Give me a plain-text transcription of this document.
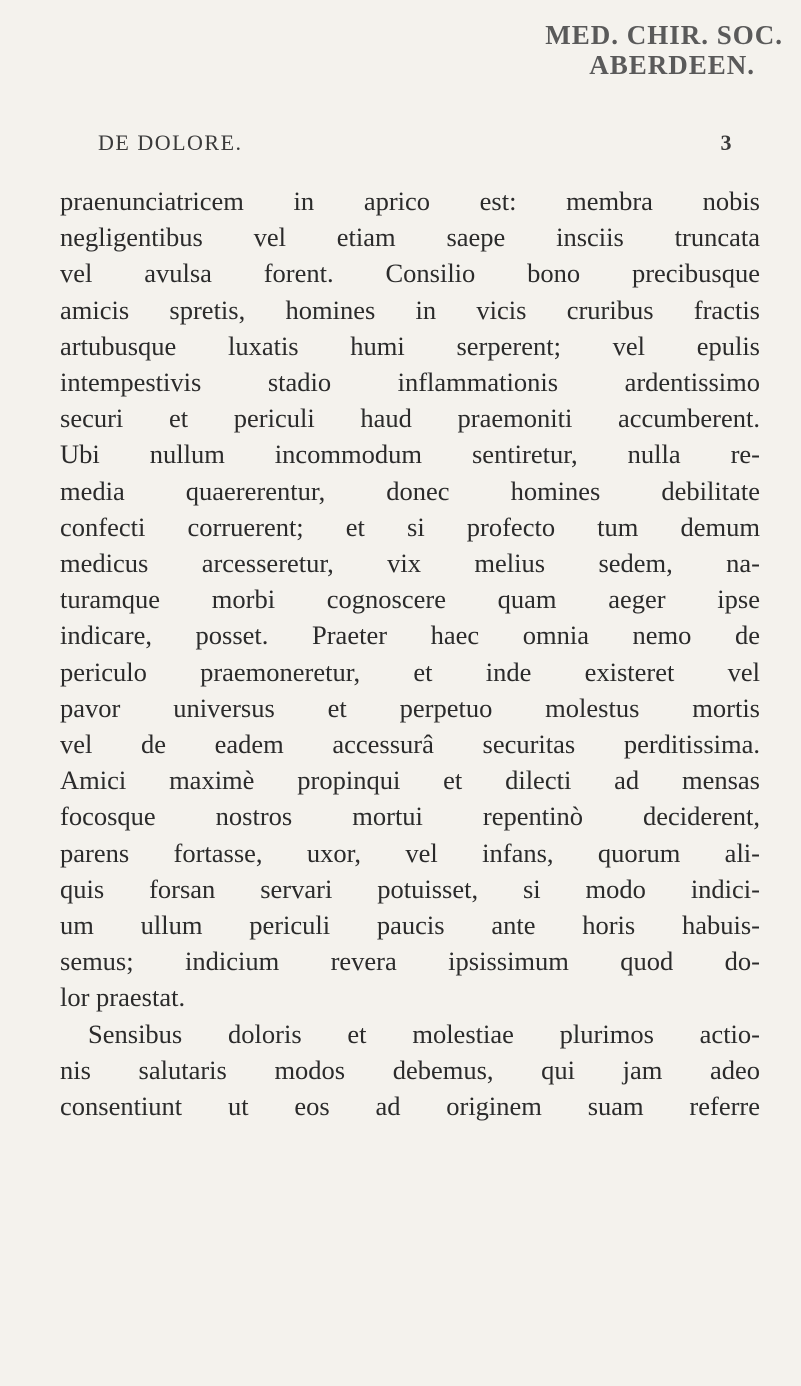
MED. CHIR. SOC.
ABERDEEN.
DE DOLORE.	3
praenunciatricem in aprico est: membra nobis
negligentibus vel etiam saepe insciis truncata
vel avulsa forent. Consilio bono precibusque
amicis spretis, homines in vicis cruribus fractis
artubusque luxatis humi serperent; vel epulis
intempestivis stadio inflammationis ardentissimo
securi et periculi haud praemoniti accumberent.
Ubi nullum incommodum sentiretur, nulla re-
media quaererentur, donec homines debilitate
confecti corruerent; et si profecto tum demum
medicus arcesseretur, vix melius sedem, na-
turamque morbi cognoscere quam aeger ipse
indicare, posset. Praeter haec omnia nemo de
periculo praemoneretur, et inde existeret vel
pavor universus et perpetuo molestus mortis
vel de eadem accessurâ securitas perditissima.
Amici maximè propinqui et dilecti ad mensas
focosque nostros mortui repentinò deciderent,
parens fortasse, uxor, vel infans, quorum ali-
quis forsan servari potuisset, si modo indici-
um ullum periculi paucis ante horis habuis-
semus; indicium revera ipsissimum quod do-
lor praestat.
Sensibus doloris et molestiae plurimos actio-
nis salutaris modos debemus, qui jam adeo
consentiunt ut eos ad originem suam referre
